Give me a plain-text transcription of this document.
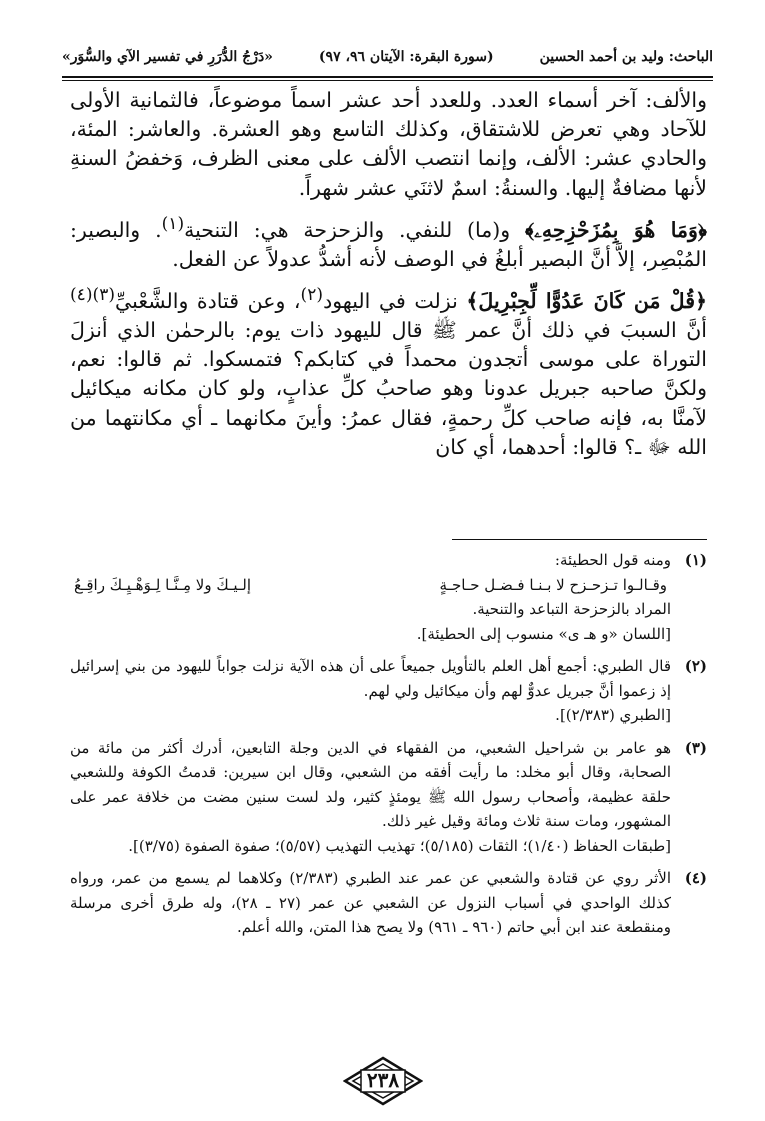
الباحث: وليد بن أحمد الحسين
(سورة البقرة: الآيتان ٩٦، ٩٧)
«دَرْجُ الدُّرَرِ في تفسير الآي والسُّوَر»

والألف: آخر أسماء العدد. وللعدد أحد عشر اسماً موضوعاً، فالثمانية الأولى للآحاد وهي تعرض للاشتقاق، وكذلك التاسع وهو العشرة. والعاشر: المئة، والحادي عشر: الألف، وإنما انتصب الألف على معنى الظرف، وَخفضُ السنةِ لأنها مضافةٌ إليها. والسنةُ: اسمٌ لاثنَي عشر شهراً.

﴿وَمَا هُوَ بِمُزَحْزِحِهِۦ﴾ و(ما) للنفي. والزحزحة هي: التنحية$^{(١)}$. والبصير: المُبْصِر، إلاَّ أنَّ البصير أبلغُ في الوصف لأنه أشدُّ عدولاً عن الفعل.

﴿قُلْ مَن كَانَ عَدُوًّا لِّجِبْرِيلَ﴾ نزلت في اليهود$^{(٢)}$، وعن قتادة والشَّعْبيِّ$^{(٣)(٤)}$ أنَّ السببَ في ذلك أنَّ عمر ﷺ قال لليهود ذات يوم: بالرحمٰن الذي أنزلَ التوراة على موسى أتجدون محمداً في كتابكم؟ فتمسكوا. ثم قالوا: نعم، ولكنَّ صاحبه جبريل عدونا وهو صاحبُ كلِّ عذابٍ، ولو كان مكانه ميكائيل لآمنَّا به، فإنه صاحب كلِّ رحمةٍ، فقال عمرُ: وأينَ مكانهما ـ أي مكانتهما من الله ﷻ ـ؟ قالوا: أحدهما، أي كان

(١)

ومنه قول الحطيئة:

وقـالـوا تـزحـزح لا بـنـا فـضـل حـاجـةٍ
إلـيـكَ ولا مِـنَّـا لِـوَهْـيِـكَ راقِـعُ

المراد بالزحزحة التباعد والتنحية.

[اللسان «و هـ ى» منسوب إلى الحطيئة].

(٢)

قال الطبري: أجمع أهل العلم بالتأويل جميعاً على أن هذه الآية نزلت جواباً لليهود من بني إسرائيل إذ زعموا أنَّ جبريل عدوٌّ لهم وأن ميكائيل ولي لهم.

[الطبري (٢/٣٨٣)].

(٣)

هو عامر بن شراحيل الشعبي، من الفقهاء في الدين وجلة التابعين، أدرك أكثر من مائة من الصحابة، وقال أبو مخلد: ما رأيت أفقه من الشعبي، وقال ابن سيرين: قدمتُ الكوفة وللشعبي حلقة عظيمة، وأصحاب رسول الله ﷺ يومئذٍ كثير، ولد لست سنين مضت من خلافة عمر على المشهور، ومات سنة ثلاث ومائة وقيل غير ذلك.

[طبقات الحفاظ (١/٤٠)؛ الثقات (٥/١٨٥)؛ تهذيب التهذيب (٥/٥٧)؛ صفوة الصفوة (٣/٧٥)].

(٤)

الأثر روي عن قتادة والشعبي عن عمر عند الطبري (٢/٣٨٣) وكلاهما لم يسمع من عمر، ورواه كذلك الواحدي في أسباب النزول عن الشعبي عن عمر (٢٧ ـ ٢٨)، وله طرق أخرى مرسلة ومنقطعة عند ابن أبي حاتم (٩٦٠ ـ ٩٦١) ولا يصح هذا المتن، والله أعلم.

٢٣٨
